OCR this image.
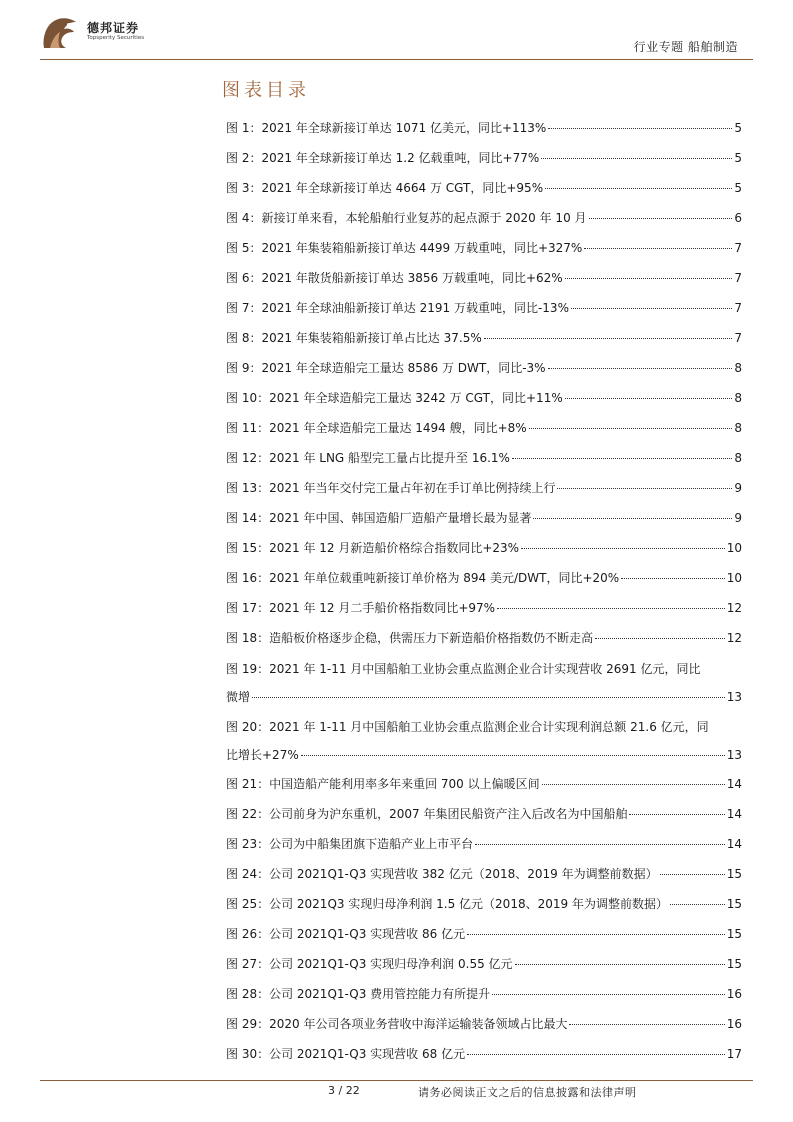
德邦证券
Topsperity Securities
行业专题 船舶制造
图表目录
图 1：2021 年全球新接订单达 1071 亿美元，同比+113%	5
图 2：2021 年全球新接订单达 1.2 亿载重吨，同比+77%	5
图 3：2021 年全球新接订单达 4664 万 CGT，同比+95%	5
图 4：新接订单来看，本轮船舶行业复苏的起点源于 2020 年 10 月	6
图 5：2021 年集装箱船新接订单达 4499 万载重吨，同比+327%	7
图 6：2021 年散货船新接订单达 3856 万载重吨，同比+62%	7
图 7：2021 年全球油船新接订单达 2191 万载重吨，同比-13%	7
图 8：2021 年集装箱船新接订单占比达 37.5%	7
图 9：2021 年全球造船完工量达 8586 万 DWT，同比-3%	8
图 10：2021 年全球造船完工量达 3242 万 CGT，同比+11%	8
图 11：2021 年全球造船完工量达 1494 艘，同比+8%	8
图 12：2021 年 LNG 船型完工量占比提升至 16.1%	8
图 13：2021 年当年交付完工量占年初在手订单比例持续上行	9
图 14：2021 年中国、韩国造船厂造船产量增长最为显著	9
图 15：2021 年 12 月新造船价格综合指数同比+23%	10
图 16：2021 年单位载重吨新接订单价格为 894 美元/DWT，同比+20%	10
图 17：2021 年 12 月二手船价格指数同比+97%	12
图 18：造船板价格逐步企稳，供需压力下新造船价格指数仍不断走高	12
图 19：2021 年 1-11 月中国船舶工业协会重点监测企业合计实现营收 2691 亿元，同比
微增	13
图 20：2021 年 1-11 月中国船舶工业协会重点监测企业合计实现利润总额 21.6 亿元，同
比增长+27%	13
图 21：中国造船产能利用率多年来重回 700 以上偏暖区间	14
图 22：公司前身为沪东重机，2007 年集团民船资产注入后改名为中国船舶	14
图 23：公司为中船集团旗下造船产业上市平台	14
图 24：公司 2021Q1-Q3 实现营收 382 亿元（2018、2019 年为调整前数据）	15
图 25：公司 2021Q3 实现归母净利润 1.5 亿元（2018、2019 年为调整前数据）	15
图 26：公司 2021Q1-Q3 实现营收 86 亿元	15
图 27：公司 2021Q1-Q3 实现归母净利润 0.55 亿元	15
图 28：公司 2021Q1-Q3 费用管控能力有所提升	16
图 29：2020 年公司各项业务营收中海洋运输装备领域占比最大	16
图 30：公司 2021Q1-Q3 实现营收 68 亿元	17
3 / 22	请务必阅读正文之后的信息披露和法律声明
